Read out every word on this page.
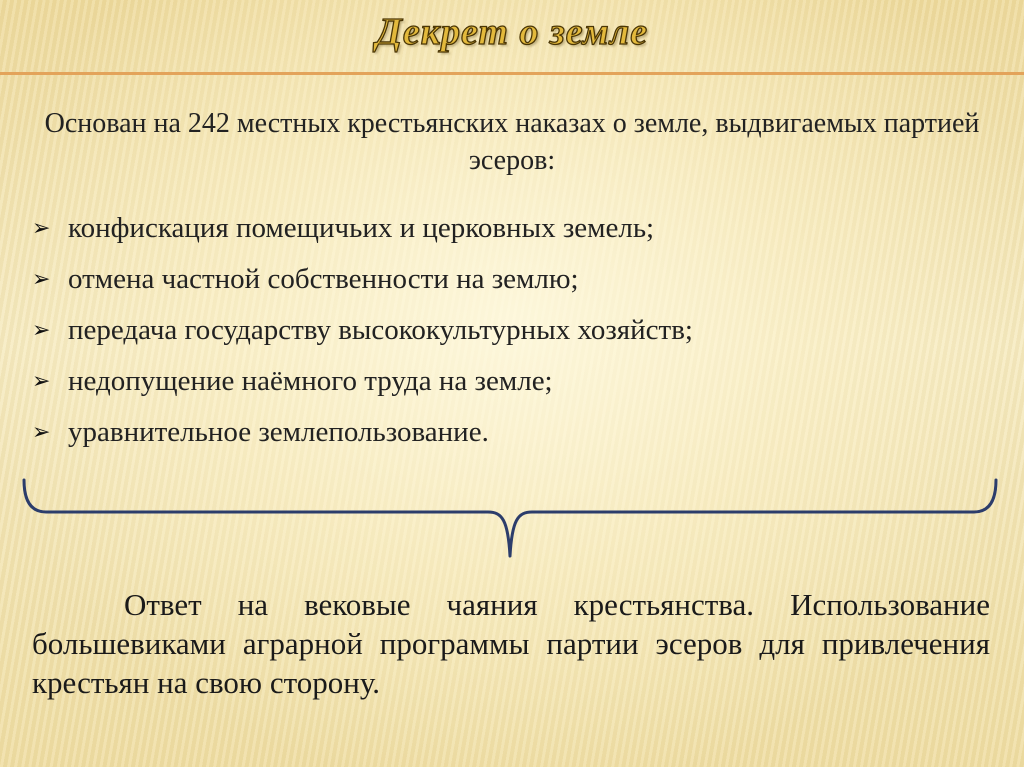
Декрет о земле
Основан на 242 местных крестьянских наказах о земле, выдвигаемых партией эсеров:
➢ конфискация помещичьих и церковных земель;
➢ отмена частной собственности на землю;
➢ передача государству высококультурных хозяйств;
➢ недопущение наёмного труда на земле;
➢ уравнительное землепользование.
Ответ на вековые чаяния крестьянства. Использование большевиками аграрной программы партии эсеров для привлечения крестьян на свою сторону.
